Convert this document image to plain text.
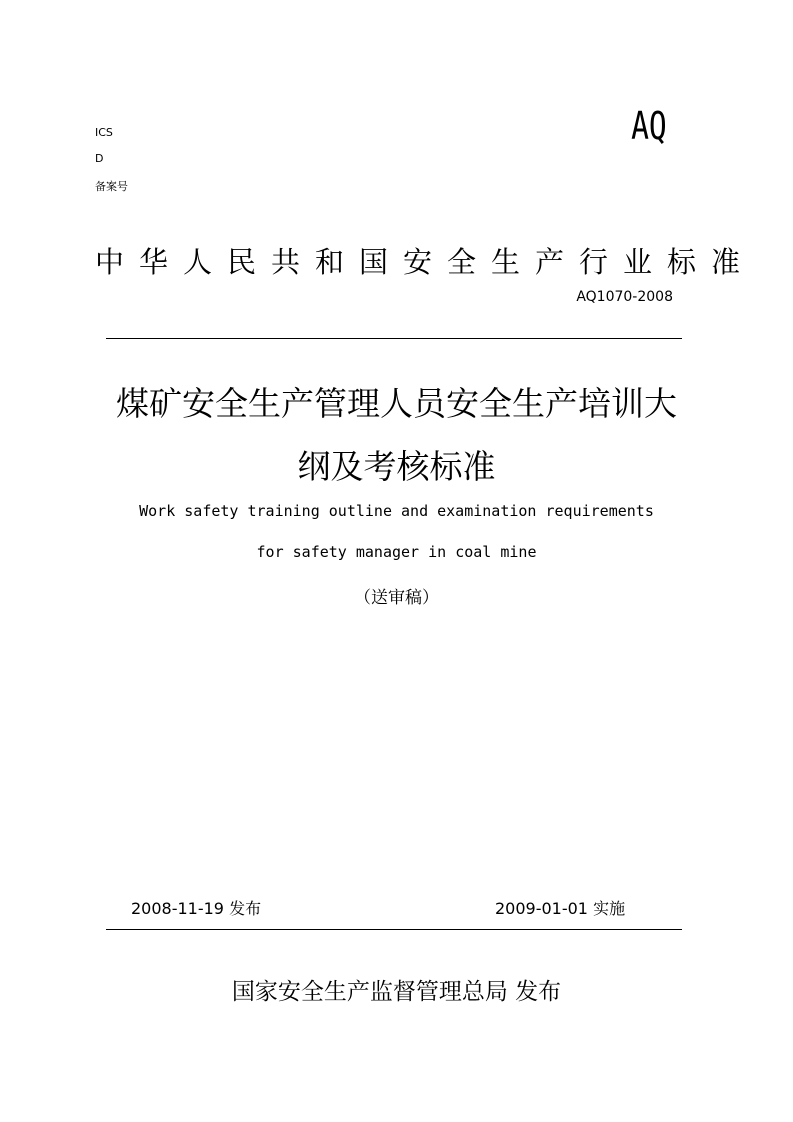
ICS
D
备案号
AQ
中华人民共和国安全生产行业标准
AQ1070-2008
煤矿安全生产管理人员安全生产培训大
纲及考核标准
Work safety training outline and examination requirements
for safety manager in coal mine
（送审稿）
2008-11-19 发布	2009-01-01 实施
国家安全生产监督管理总局 发布
